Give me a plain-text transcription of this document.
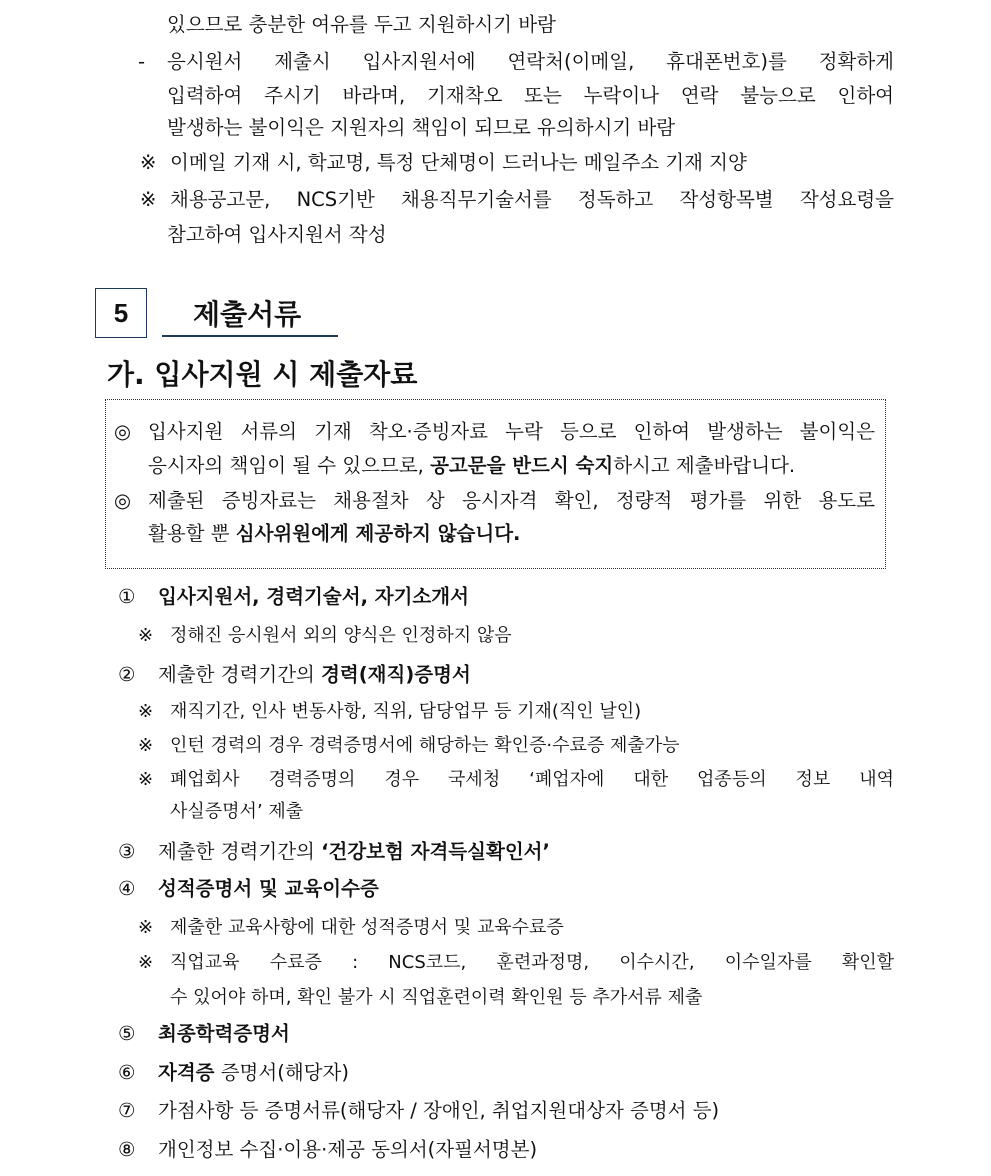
있으므로 충분한 여유를 두고 지원하시기 바람
- 응시원서 제출시 입사지원서에 연락처(이메일, 휴대폰번호)를 정확하게
입력하여 주시기 바라며, 기재착오 또는 누락이나 연락 불능으로 인하여
발생하는 불이익은 지원자의 책임이 되므로 유의하시기 바람
※ 이메일 기재 시, 학교명, 특정 단체명이 드러나는 메일주소 기재 지양
※ 채용공고문, NCS기반 채용직무기술서를 정독하고 작성항목별 작성요령을
참고하여 입사지원서 작성
5	제출서류
가. 입사지원 시 제출자료
◎ 입사지원 서류의 기재 착오·증빙자료 누락 등으로 인하여 발생하는 불이익은
응시자의 책임이 될 수 있으므로, 공고문을 반드시 숙지하시고 제출바랍니다.
◎ 제출된 증빙자료는 채용절차 상 응시자격 확인, 정량적 평가를 위한 용도로
활용할 뿐 심사위원에게 제공하지 않습니다.
① 입사지원서, 경력기술서, 자기소개서
※ 정해진 응시원서 외의 양식은 인정하지 않음
② 제출한 경력기간의 경력(재직)증명서
※ 재직기간, 인사 변동사항, 직위, 담당업무 등 기재(직인 날인)
※ 인턴 경력의 경우 경력증명서에 해당하는 확인증·수료증 제출가능
※ 폐업회사 경력증명의 경우 국세청 ‘폐업자에 대한 업종등의 정보 내역
사실증명서’ 제출
③ 제출한 경력기간의 ‘건강보험 자격득실확인서’
④ 성적증명서 및 교육이수증
※ 제출한 교육사항에 대한 성적증명서 및 교육수료증
※ 직업교육 수료증 : NCS코드, 훈련과정명, 이수시간, 이수일자를 확인할
수 있어야 하며, 확인 불가 시 직업훈련이력 확인원 등 추가서류 제출
⑤ 최종학력증명서
⑥ 자격증 증명서(해당자)
⑦ 가점사항 등 증명서류(해당자 / 장애인, 취업지원대상자 증명서 등)
⑧ 개인정보 수집·이용·제공 동의서(자필서명본)
